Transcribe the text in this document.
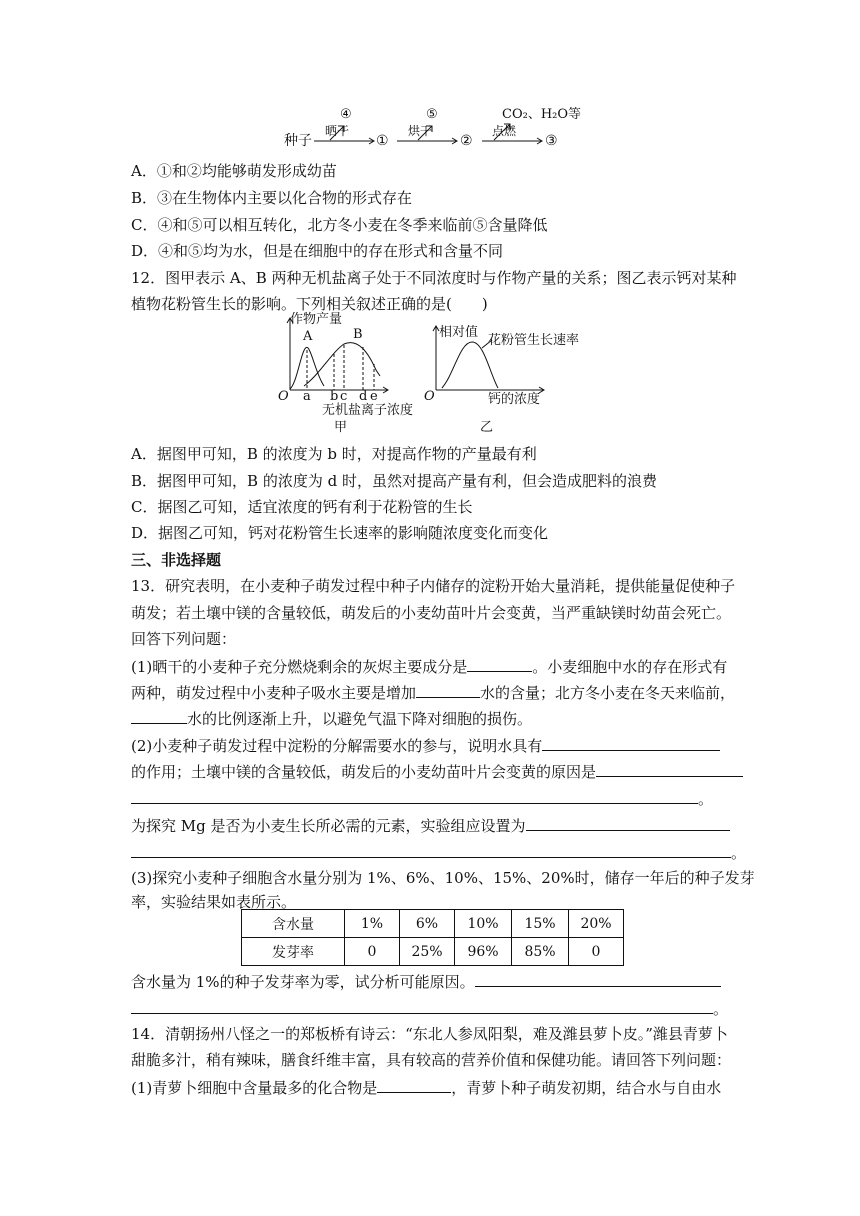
种子
晒干
④
①
烘干
⑤
②
点燃
CO₂、H₂O等
③
A．①和②均能够萌发形成幼苗
B．③在生物体内主要以化合物的形式存在
C．④和⑤可以相互转化，北方冬小麦在冬季来临前⑤含量降低
D．④和⑤均为水，但是在细胞中的存在形式和含量不同
12．图甲表示 A、B 两种无机盐离子处于不同浓度时与作物产量的关系；图乙表示钙对某种
植物花粉管生长的影响。下列相关叙述正确的是(　　)
作物产量
A	B
O a b c d e
无机盐离子浓度
甲
相对值
花粉管生长速率
O	钙的浓度
乙
A．据图甲可知，B 的浓度为 b 时，对提高作物的产量最有利
B．据图甲可知，B 的浓度为 d 时，虽然对提高产量有利，但会造成肥料的浪费
C．据图乙可知，适宜浓度的钙有利于花粉管的生长
D．据图乙可知，钙对花粉管生长速率的影响随浓度变化而变化
三、非选择题
13．研究表明，在小麦种子萌发过程中种子内储存的淀粉开始大量消耗，提供能量促使种子
萌发；若土壤中镁的含量较低，萌发后的小麦幼苗叶片会变黄，当严重缺镁时幼苗会死亡。
回答下列问题：
(1)晒干的小麦种子充分燃烧剩余的灰烬主要成分是	。小麦细胞中水的存在形式有
两种，萌发过程中小麦种子吸水主要是增加	水的含量；北方冬小麦在冬天来临前，
水的比例逐渐上升，以避免气温下降对细胞的损伤。
(2)小麦种子萌发过程中淀粉的分解需要水的参与，说明水具有
的作用；土壤中镁的含量较低，萌发后的小麦幼苗叶片会变黄的原因是
。
为探究 Mg 是否为小麦生长所必需的元素，实验组应设置为
。
(3)探究小麦种子细胞含水量分别为 1%、6%、10%、15%、20%时，储存一年后的种子发芽
率，实验结果如表所示。
含水量	1%	6%	10%	15%	20%
发芽率	0	25%	96%	85%	0
含水量为 1%的种子发芽率为零，试分析可能原因。
。
14．清朝扬州八怪之一的郑板桥有诗云：“东北人参凤阳梨，难及潍县萝卜皮。”潍县青萝卜
甜脆多汁，稍有辣味，膳食纤维丰富，具有较高的营养价值和保健功能。请回答下列问题：
(1)青萝卜细胞中含量最多的化合物是	，青萝卜种子萌发初期，结合水与自由水
